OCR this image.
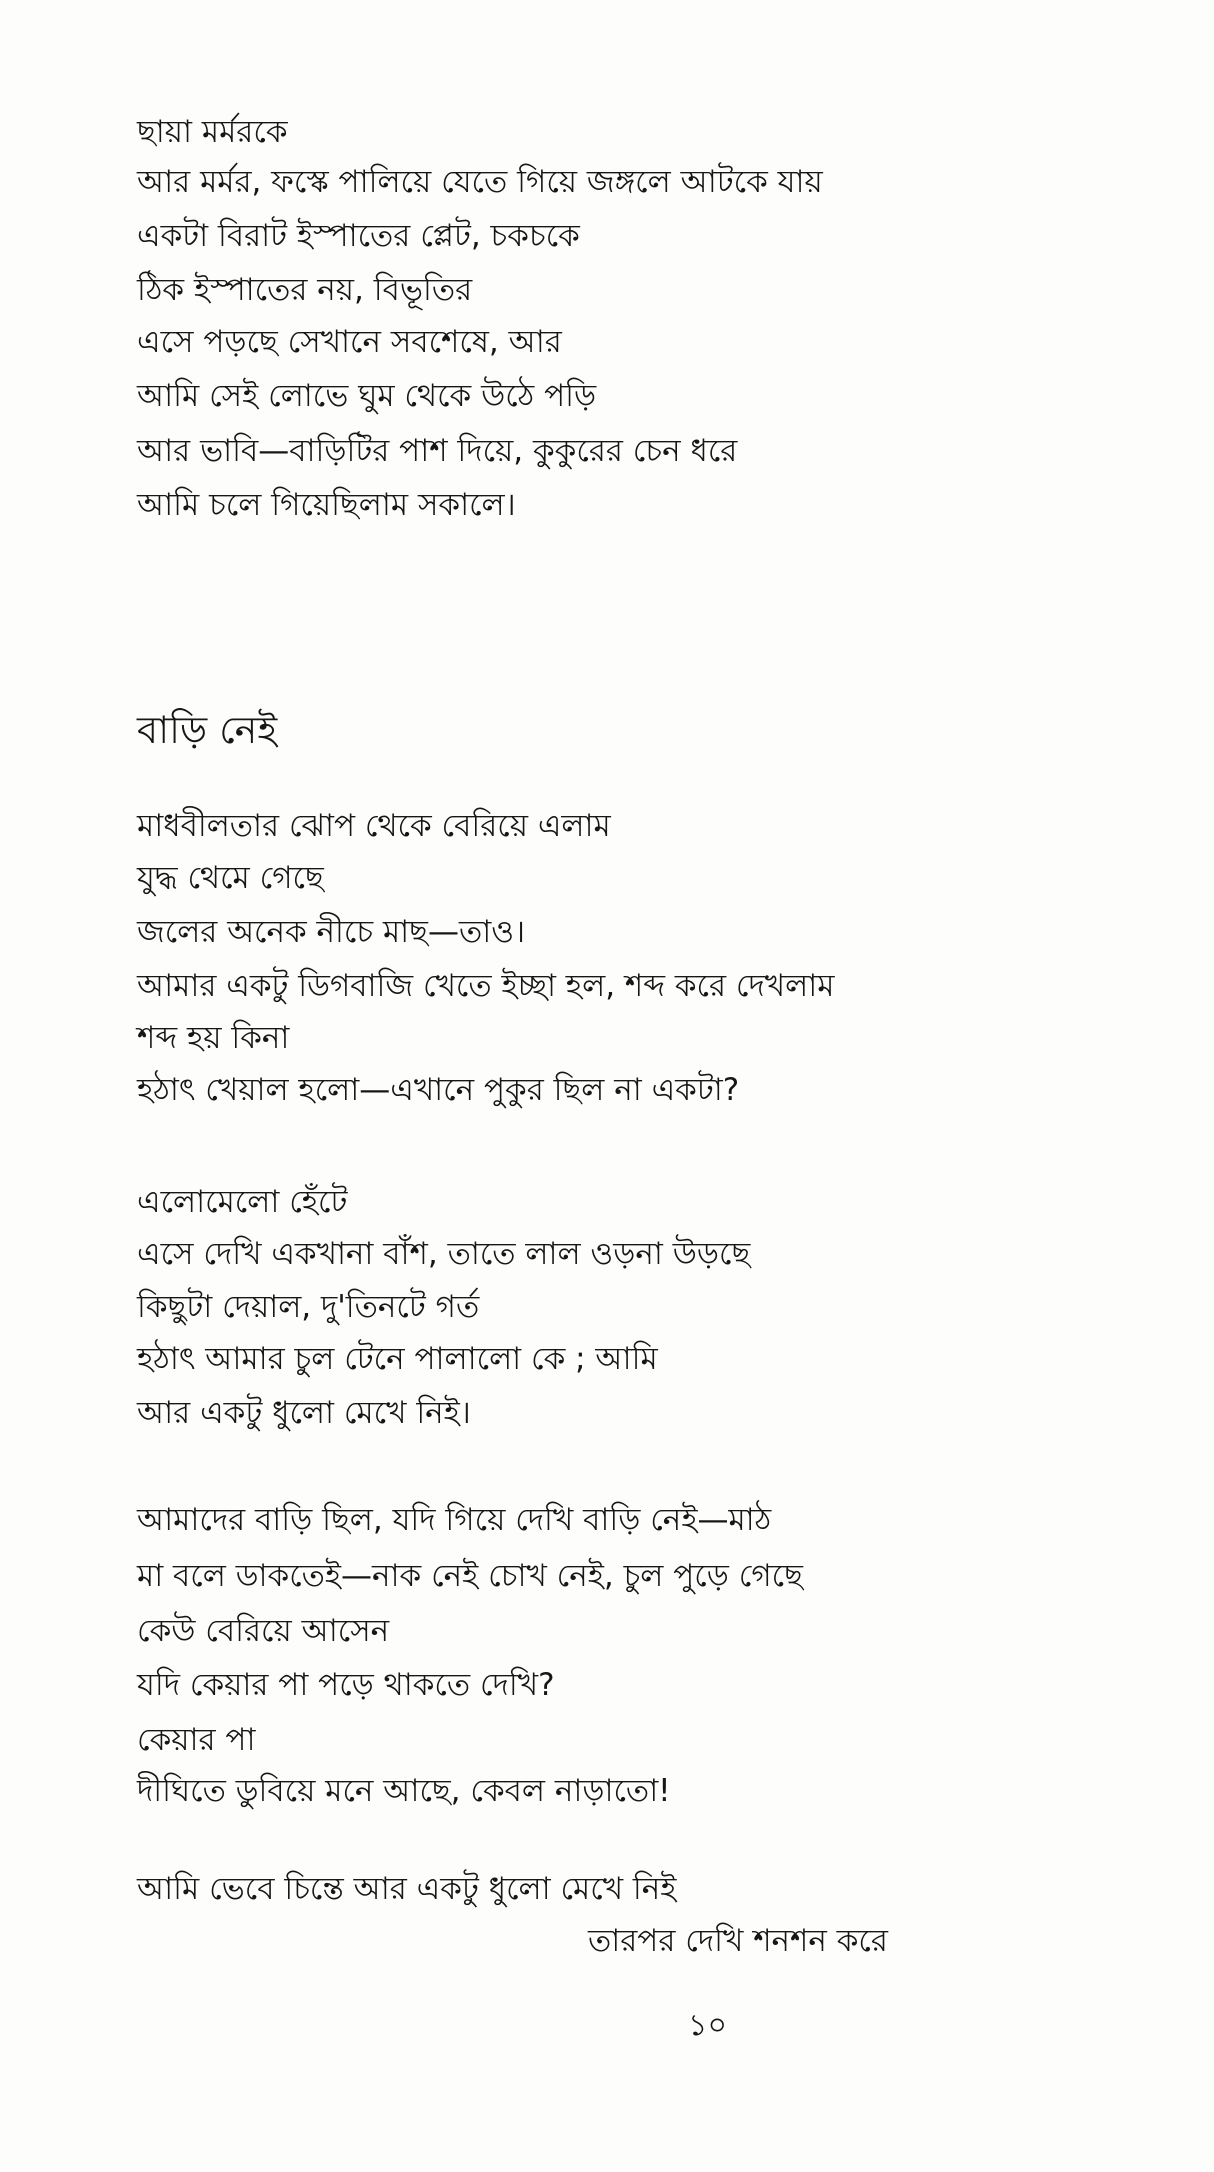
ছায়া মর্মরকে
আর মর্মর, ফস্কে পালিয়ে যেতে গিয়ে জঙ্গলে আটকে যায়
একটা বিরাট ইস্পাতের প্লেট, চকচকে
ঠিক ইস্পাতের নয়, বিভূতির
এসে পড়ছে সেখানে সবশেষে, আর
আমি সেই লোভে ঘুম থেকে উঠে পড়ি
আর ভাবি—বাড়িটির পাশ দিয়ে, কুকুরের চেন ধরে
আমি চলে গিয়েছিলাম সকালে।
বাড়ি নেই
মাধবীলতার ঝোপ থেকে বেরিয়ে এলাম
যুদ্ধ থেমে গেছে
জলের অনেক নীচে মাছ—তাও।
আমার একটু ডিগবাজি খেতে ইচ্ছা হল, শব্দ করে দেখলাম
শব্দ হয় কিনা
হঠাৎ খেয়াল হলো—এখানে পুকুর ছিল না একটা?
এলোমেলো হেঁটে
এসে দেখি একখানা বাঁশ, তাতে লাল ওড়না উড়ছে
কিছুটা দেয়াল, দু'তিনটে গর্ত
হঠাৎ আমার চুল টেনে পালালো কে ; আমি
আর একটু ধুলো মেখে নিই।
আমাদের বাড়ি ছিল, যদি গিয়ে দেখি বাড়ি নেই—মাঠ
মা বলে ডাকতেই—নাক নেই চোখ নেই, চুল পুড়ে গেছে
কেউ বেরিয়ে আসেন
যদি কেয়ার পা পড়ে থাকতে দেখি?
কেয়ার পা
দীঘিতে ডুবিয়ে মনে আছে, কেবল নাড়াতো!
আমি ভেবে চিন্তে আর একটু ধুলো মেখে নিই
তারপর দেখি শনশন করে
১০
